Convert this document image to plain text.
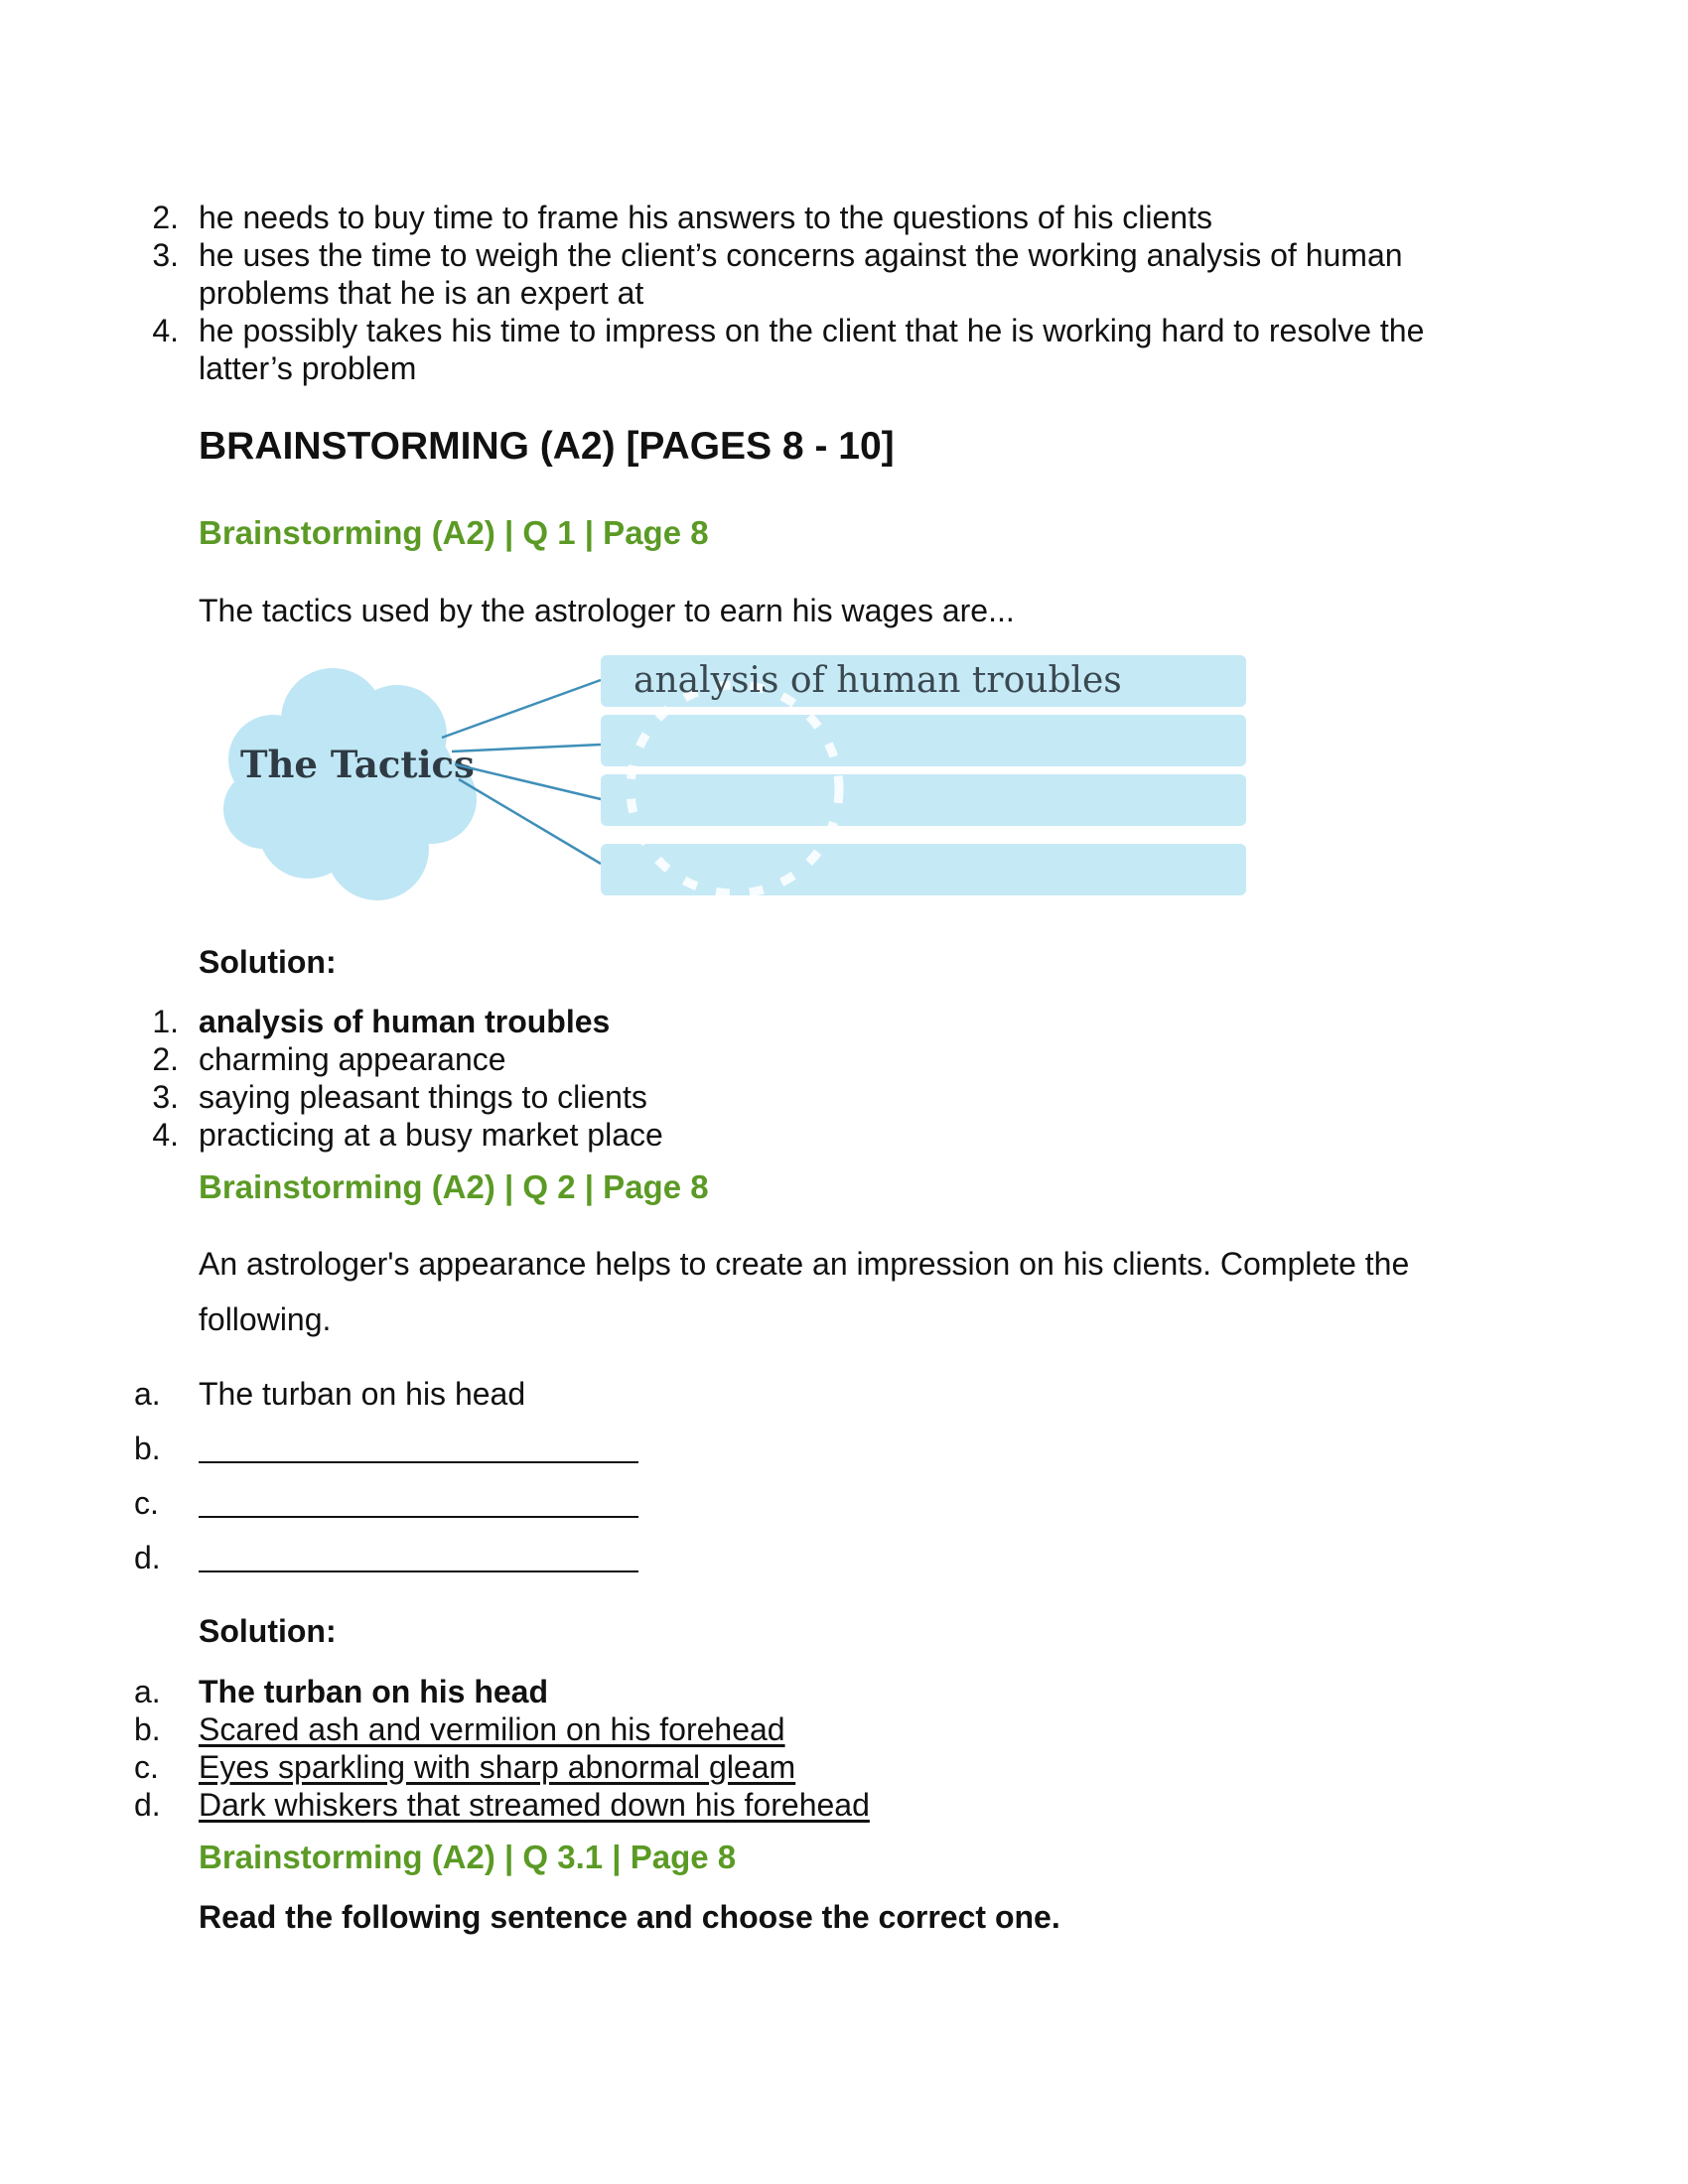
2. he needs to buy time to frame his answers to the questions of his clients

3. he uses the time to weigh the client’s concerns against the working analysis of human

problems that he is an expert at

4. he possibly takes his time to impress on the client that he is working hard to resolve the

latter’s problem

BRAINSTORMING (A2) [PAGES 8 - 10]
Brainstorming (A2) | Q 1 | Page 8

The tactics used by the astrologer to earn his wages are...

The Tactics
analysis of human troubles

Solution:

1. analysis of human troubles

2. charming appearance

3. saying pleasant things to clients

4. practicing at a busy market place

Brainstorming (A2) | Q 2 | Page 8

An astrologer's appearance helps to create an impression on his clients. Complete the

following.

a.	The turban on his head

b.

c.

d.

Solution:

a.	The turban on his head

b.	Scared ash and vermilion on his forehead

c.	Eyes sparkling with sharp abnormal gleam

d.	Dark whiskers that streamed down his forehead

Brainstorming (A2) | Q 3.1 | Page 8

Read the following sentence and choose the correct one.
